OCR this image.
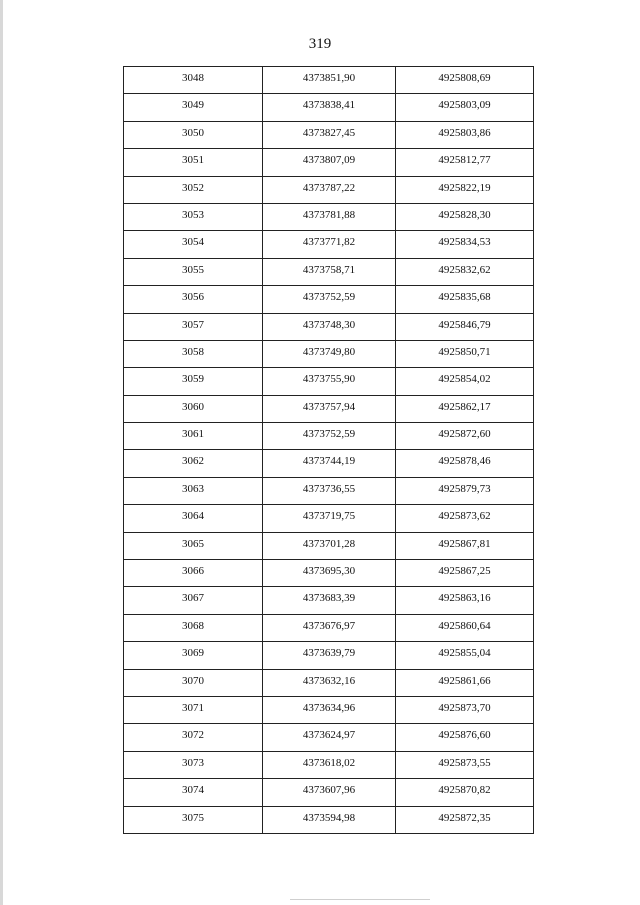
319
3048	4373851,90	4925808,69

3049	4373838,41	4925803,09

3050	4373827,45	4925803,86

3051	4373807,09	4925812,77

3052	4373787,22	4925822,19

3053	4373781,88	4925828,30

3054	4373771,82	4925834,53

3055	4373758,71	4925832,62

3056	4373752,59	4925835,68

3057	4373748,30	4925846,79

3058	4373749,80	4925850,71

3059	4373755,90	4925854,02

3060	4373757,94	4925862,17

3061	4373752,59	4925872,60

3062	4373744,19	4925878,46

3063	4373736,55	4925879,73

3064	4373719,75	4925873,62

3065	4373701,28	4925867,81

3066	4373695,30	4925867,25

3067	4373683,39	4925863,16

3068	4373676,97	4925860,64

3069	4373639,79	4925855,04

3070	4373632,16	4925861,66

3071	4373634,96	4925873,70

3072	4373624,97	4925876,60

3073	4373618,02	4925873,55

3074	4373607,96	4925870,82

3075	4373594,98	4925872,35
